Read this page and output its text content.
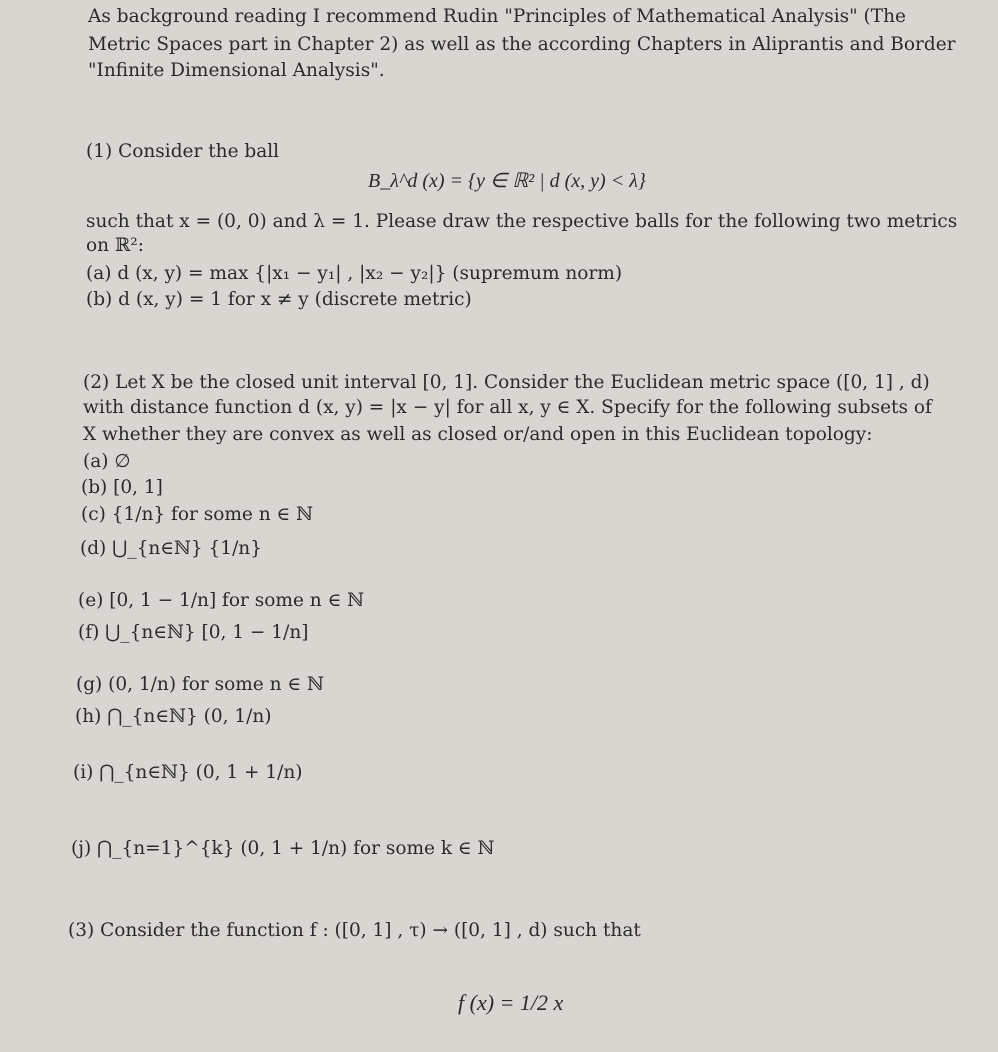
As background reading I recommend Rudin "Principles of Mathematical Analysis" (The
Metric Spaces part in Chapter 2) as well as the according Chapters in Aliprantis and Border
"Infinite Dimensional Analysis".
(1) Consider the ball
B_λ^d (x) = {y ∈ ℝ² | d (x, y) < λ}
such that x = (0, 0) and λ = 1. Please draw the respective balls for the following two metrics
on ℝ²:
(a) d (x, y) = max {|x₁ − y₁| , |x₂ − y₂|} (supremum norm)
(b) d (x, y) = 1 for x ≠ y (discrete metric)
(2) Let X be the closed unit interval [0, 1]. Consider the Euclidean metric space ([0, 1] , d)
with distance function d (x, y) = |x − y| for all x, y ∈ X. Specify for the following subsets of
X whether they are convex as well as closed or/and open in this Euclidean topology:
(a) ∅
(b) [0, 1]
(c) {1/n} for some n ∈ ℕ
(d) ⋃_{n∈ℕ} {1/n}
(e) [0, 1 − 1/n] for some n ∈ ℕ
(f) ⋃_{n∈ℕ} [0, 1 − 1/n]
(g) (0, 1/n) for some n ∈ ℕ
(h) ⋂_{n∈ℕ} (0, 1/n)
(i) ⋂_{n∈ℕ} (0, 1 + 1/n)
(j) ⋂_{n=1}^{k} (0, 1 + 1/n) for some k ∈ ℕ
(3) Consider the function f : ([0, 1] , τ) → ([0, 1] , d) such that
f (x) = 1/2 x
